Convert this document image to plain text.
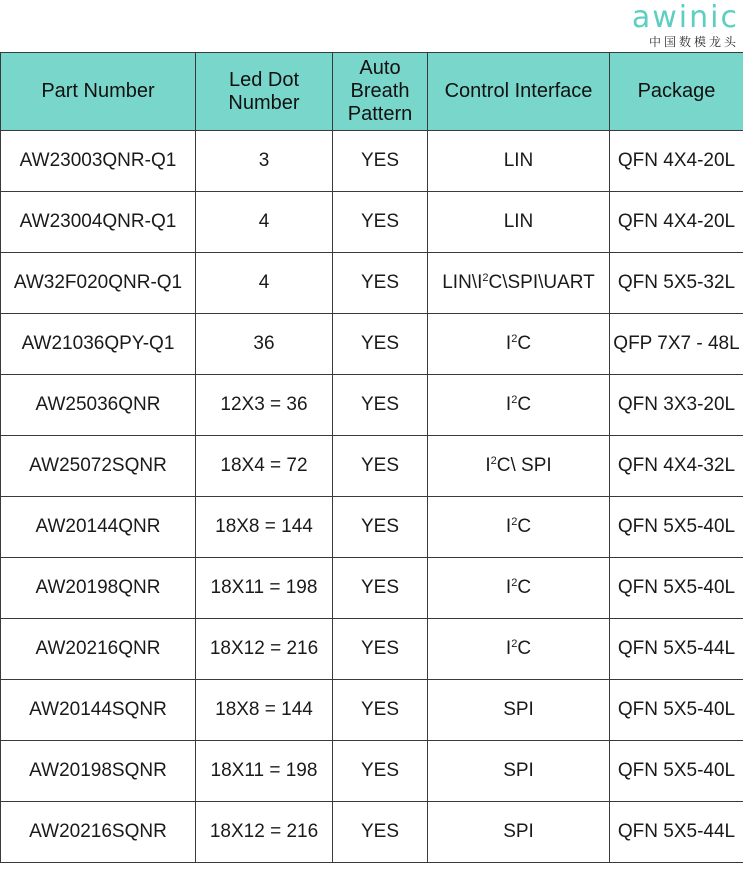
awinic
中国数模龙头
Part Number	Led Dot Number	Auto Breath Pattern	Control Interface	Package
AW23003QNR-Q1	3	YES	LIN	QFN 4X4-20L
AW23004QNR-Q1	4	YES	LIN	QFN 4X4-20L
AW32F020QNR-Q1	4	YES	$LIN\backslash I^2C\backslash SPI\backslash UART$	QFN 5X5-32L
AW21036QPY-Q1	36	YES	$I^2C$	QFP 7X7 - 48L
AW25036QNR	12X3 = 36	YES	$I^2C$	QFN 3X3-20L
AW25072SQNR	18X4 = 72	YES	$I^2C\backslash$ SPI	QFN 4X4-32L
AW20144QNR	18X8 = 144	YES	$I^2C$	QFN 5X5-40L
AW20198QNR	18X11 = 198	YES	$I^2C$	QFN 5X5-40L
AW20216QNR	18X12 = 216	YES	$I^2C$	QFN 5X5-44L
AW20144SQNR	18X8 = 144	YES	SPI	QFN 5X5-40L
AW20198SQNR	18X11 = 198	YES	SPI	QFN 5X5-40L
AW20216SQNR	18X12 = 216	YES	SPI	QFN 5X5-44L
